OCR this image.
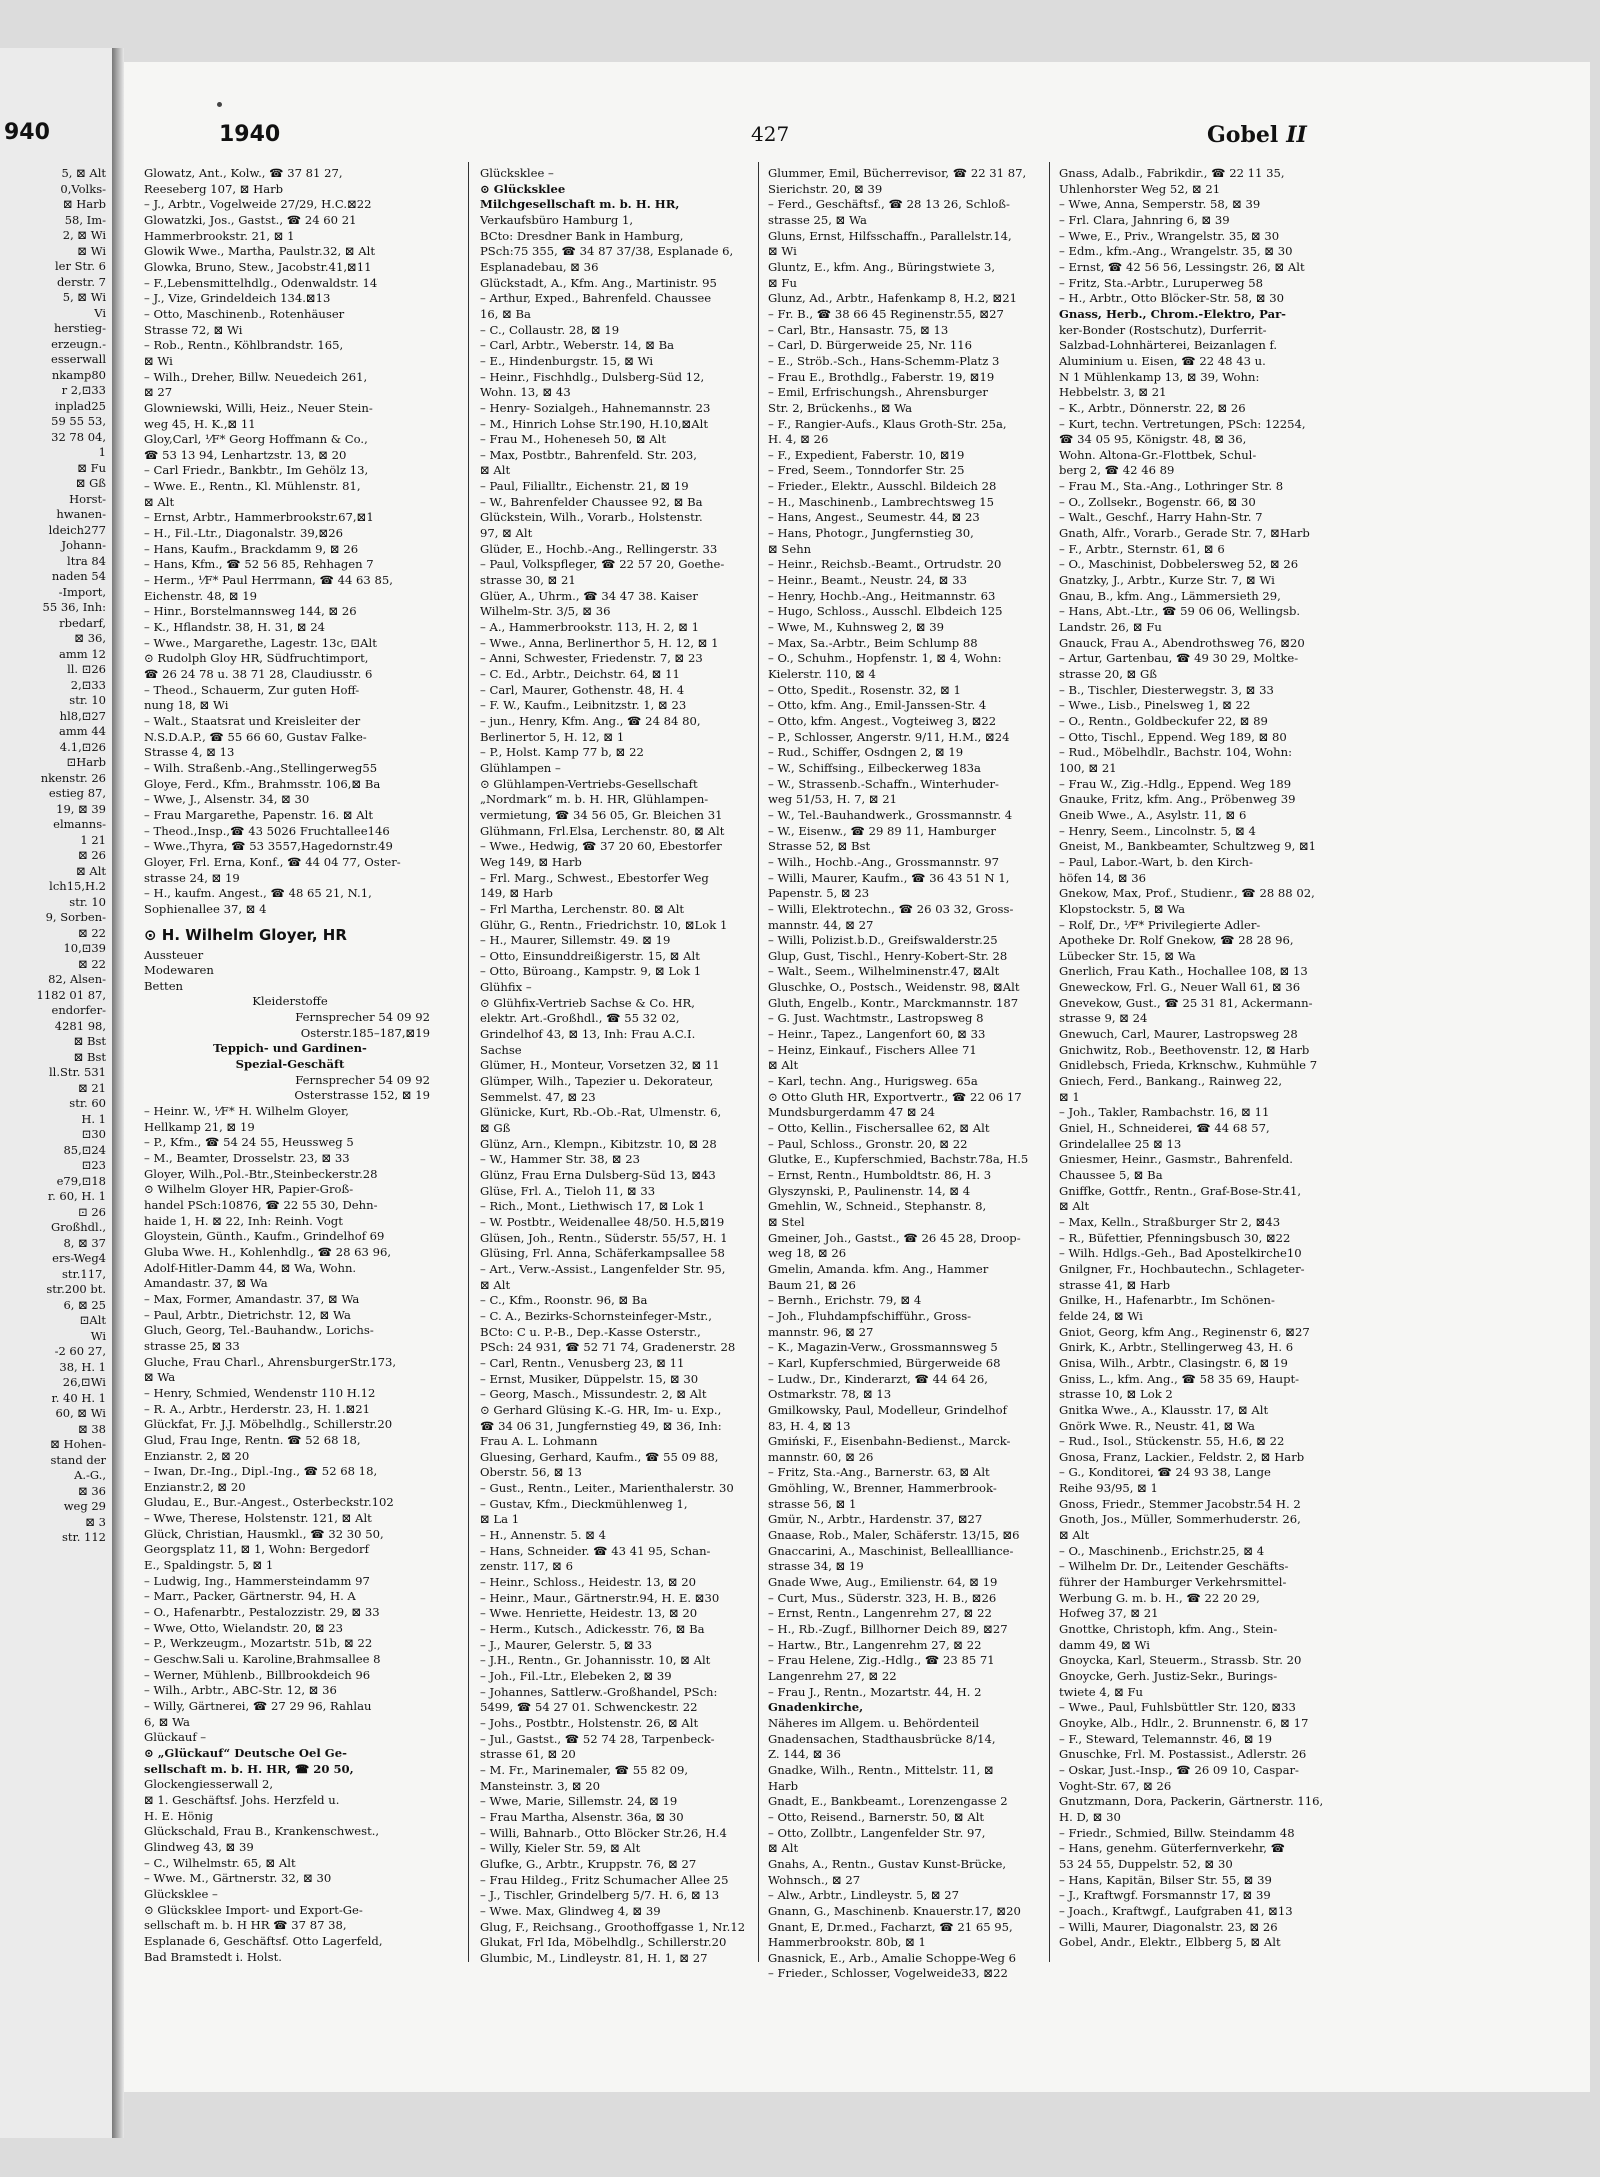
940
5, ⊠ Alt
0,Volks-
⊠ Harb
58, Im-
2, ⊠ Wi
⊠ Wi
ler Str. 6
derstr. 7
5, ⊠ Wi
Vi
herstieg-
erzeugn.-
esserwall
nkamp80
r 2,⊡33
inplad25
59 55 53,
32 78 04,
1
⊠ Fu
⊠ Gß
Horst-
hwanen-
ldeich277
Johann-
ltra 84
naden 54
-Import,
55 36, Inh:
rbedarf,
⊠ 36,
amm 12
ll. ⊡26
2,⊡33
str. 10
hl8,⊡27
amm 44
4.1,⊡26
⊡Harb
nkenstr. 26
estieg 87,
19, ⊠ 39
elmanns-
1 21
⊠ 26
⊠ Alt
lch15,H.2
str. 10
9, Sorben-
⊠ 22
10,⊡39
⊠ 22
82, Alsen-
1182 01 87,
endorfer-
4281 98,
⊠ Bst
⊠ Bst
ll.Str. 531
⊠ 21
str. 60
H. 1
⊡30
85,⊡24
⊡23
e79,⊡18
r. 60, H. 1
⊡ 26
Großhdl.,
8, ⊠ 37
ers-Weg4
str.117,
str.200 bt.
6, ⊠ 25
⊡Alt
Wi
-2 60 27,
38, H. 1
26,⊡Wi
r. 40 H. 1
60, ⊠ Wi
⊠ 38
⊠ Hohen-
stand der
A.-G.,
⊠ 36
weg 29
⊠ 3
str. 112
1940	427	Gobel II
Glowatz, Ant., Kolw., ☎ 37 81 27,
Reeseberg 107, ⊠ Harb
– J., Arbtr., Vogelweide 27/29, H.C.⊠22
Glowatzki, Jos., Gastst., ☎ 24 60 21
Hammerbrookstr. 21, ⊠ 1
Glowik Wwe., Martha, Paulstr.32, ⊠ Alt
Glowka, Bruno, Stew., Jacobstr.41,⊠11
– F.,Lebensmittelhdlg., Odenwaldstr. 14
– J., Vize, Grindeldeich 134.⊠13
– Otto, Maschinenb., Rotenhäuser
Strasse 72, ⊠ Wi
– Rob., Rentn., Köhlbrandstr. 165,
⊠ Wi
– Wilh., Dreher, Billw. Neuedeich 261,
⊠ 27
Glowniewski, Willi, Heiz., Neuer Stein-
weg 45, H. K.,⊠ 11
Gloy,Carl, ⅟F* Georg Hoffmann & Co.,
☎ 53 13 94, Lenhartzstr. 13, ⊠ 20
– Carl Friedr., Bankbtr., Im Gehölz 13,
– Wwe. E., Rentn., Kl. Mühlenstr. 81,
⊠ Alt
– Ernst, Arbtr., Hammerbrookstr.67,⊠1
– H., Fil.-Ltr., Diagonalstr. 39,⊠26
– Hans, Kaufm., Brackdamm 9, ⊠ 26
– Hans, Kfm., ☎ 52 56 85, Rehhagen 7
– Herm., ⅟F* Paul Herrmann, ☎ 44 63 85,
Eichenstr. 48, ⊠ 19
– Hinr., Borstelmannsweg 144, ⊠ 26
– K., Hflandstr. 38, H. 31, ⊠ 24
– Wwe., Margarethe, Lagestr. 13c, ⊡Alt
⊙ Rudolph Gloy HR, Südfruchtimport,
☎ 26 24 78 u. 38 71 28, Claudiusstr. 6
– Theod., Schauerm, Zur guten Hoff-
nung 18, ⊠ Wi
– Walt., Staatsrat und Kreisleiter der
N.S.D.A.P., ☎ 55 66 60, Gustav Falke-
Strasse 4, ⊠ 13
– Wilh. Straßenb.-Ang.,Stellingerweg55
Gloye, Ferd., Kfm., Brahmsstr. 106,⊠ Ba
– Wwe, J., Alsenstr. 34, ⊠ 30
– Frau Margarethe, Papenstr. 16. ⊠ Alt
– Theod.,Insp.,☎ 43 5026 Fruchtallee146
– Wwe.,Thyra, ☎ 53 3557,Hagedornstr.49
Gloyer, Frl. Erna, Konf., ☎ 44 04 77, Oster-
strasse 24, ⊠ 19
– H., kaufm. Angest., ☎ 48 65 21, N.1,
Sophienallee 37, ⊠ 4
⊙ H. Wilhelm Gloyer, HR
Aussteuer
Modewaren
Betten
Kleiderstoffe
Fernsprecher 54 09 92
Osterstr.185–187,⊠19
Teppich- und Gardinen-
Spezial-Geschäft
Fernsprecher 54 09 92
Osterstrasse 152, ⊠ 19
– Heinr. W., ⅟F* H. Wilhelm Gloyer,
Hellkamp 21, ⊠ 19
– P., Kfm., ☎ 54 24 55, Heussweg 5
– M., Beamter, Drosselstr. 23, ⊠ 33
Gloyer, Wilh.,Pol.-Btr.,Steinbeckerstr.28
⊙ Wilhelm Gloyer HR, Papier-Groß-
handel PSch:10876, ☎ 22 55 30, Dehn-
haide 1, H. ⊠ 22, Inh: Reinh. Vogt
Gloystein, Günth., Kaufm., Grindelhof 69
Gluba Wwe. H., Kohlenhdlg., ☎ 28 63 96,
Adolf-Hitler-Damm 44, ⊠ Wa, Wohn.
Amandastr. 37, ⊠ Wa
– Max, Former, Amandastr. 37, ⊠ Wa
– Paul, Arbtr., Dietrichstr. 12, ⊠ Wa
Gluch, Georg, Tel.-Bauhandw., Lorichs-
strasse 25, ⊠ 33
Gluche, Frau Charl., AhrensburgerStr.173,
⊠ Wa
– Henry, Schmied, Wendenstr 110 H.12
– R. A., Arbtr., Herderstr. 23, H. 1.⊠21
Glückfat, Fr. J.J. Möbelhdlg., Schillerstr.20
Glud, Frau Inge, Rentn. ☎ 52 68 18,
Enzianstr. 2, ⊠ 20
– Iwan, Dr.-Ing., Dipl.-Ing., ☎ 52 68 18,
Enzianstr.2, ⊠ 20
Gludau, E., Bur.-Angest., Osterbeckstr.102
– Wwe, Therese, Holstenstr. 121, ⊠ Alt
Glück, Christian, Hausmkl., ☎ 32 30 50,
Georgsplatz 11, ⊠ 1, Wohn: Bergedorf
E., Spaldingstr. 5, ⊠ 1
– Ludwig, Ing., Hammersteindamm 97
– Marr., Packer, Gärtnerstr. 94, H. A
– O., Hafenarbtr., Pestalozzistr. 29, ⊠ 33
– Wwe, Otto, Wielandstr. 20, ⊠ 23
– P., Werkzeugm., Mozartstr. 51b, ⊠ 22
– Geschw.Sali u. Karoline,Brahmsallee 8
– Werner, Mühlenb., Billbrookdeich 96
– Wilh., Arbtr., ABC-Str. 12, ⊠ 36
– Willy, Gärtnerei, ☎ 27 29 96, Rahlau
6, ⊠ Wa
Glückauf –
⊙ „Glückauf“ Deutsche Oel Ge-
sellschaft m. b. H. HR, ☎ 20 50,
Glockengiesserwall 2,
⊠ 1. Geschäftsf. Johs. Herzfeld u.
H. E. Hönig
Glückschald, Frau B., Krankenschwest.,
Glindweg 43, ⊠ 39
– C., Wilhelmstr. 65, ⊠ Alt
– Wwe. M., Gärtnerstr. 32, ⊠ 30
Glücksklee –
⊙ Glücksklee Import- und Export-Ge-
sellschaft m. b. H HR ☎ 37 87 38,
Esplanade 6, Geschäftsf. Otto Lagerfeld,
Bad Bramstedt i. Holst.
Glücksklee –
⊙ Glücksklee
Milchgesellschaft m. b. H. HR,
Verkaufsbüro Hamburg 1,
BCto: Dresdner Bank in Hamburg,
PSch:75 355, ☎ 34 87 37/38, Esplanade 6,
Esplanadebau, ⊠ 36
Glückstadt, A., Kfm. Ang., Martinistr. 95
– Arthur, Exped., Bahrenfeld. Chaussee
16, ⊠ Ba
– C., Collaustr. 28, ⊠ 19
– Carl, Arbtr., Weberstr. 14, ⊠ Ba
– E., Hindenburgstr. 15, ⊠ Wi
– Heinr., Fischhdlg., Dulsberg-Süd 12,
Wohn. 13, ⊠ 43
– Henry- Sozialgeh., Hahnemannstr. 23
– M., Hinrich Lohse Str.190, H.10,⊠Alt
– Frau M., Hoheneseh 50, ⊠ Alt
– Max, Postbtr., Bahrenfeld. Str. 203,
⊠ Alt
– Paul, Filialltr., Eichenstr. 21, ⊠ 19
– W., Bahrenfelder Chaussee 92, ⊠ Ba
Glückstein, Wilh., Vorarb., Holstenstr.
97, ⊠ Alt
Glüder, E., Hochb.-Ang., Rellingerstr. 33
– Paul, Volkspfleger, ☎ 22 57 20, Goethe-
strasse 30, ⊠ 21
Glüer, A., Uhrm., ☎ 34 47 38. Kaiser
Wilhelm-Str. 3/5, ⊠ 36
– A., Hammerbrookstr. 113, H. 2, ⊠ 1
– Wwe., Anna, Berlinerthor 5, H. 12, ⊠ 1
– Anni, Schwester, Friedenstr. 7, ⊠ 23
– C. Ed., Arbtr., Deichstr. 64, ⊠ 11
– Carl, Maurer, Gothenstr. 48, H. 4
– F. W., Kaufm., Leibnitzstr. 1, ⊠ 23
– jun., Henry, Kfm. Ang., ☎ 24 84 80,
Berlinertor 5, H. 12, ⊠ 1
– P., Holst. Kamp 77 b, ⊠ 22
Glühlampen –
⊙ Glühlampen-Vertriebs-Gesellschaft
„Nordmark“ m. b. H. HR, Glühlampen-
vermietung, ☎ 34 56 05, Gr. Bleichen 31
Glühmann, Frl.Elsa, Lerchenstr. 80, ⊠ Alt
– Wwe., Hedwig, ☎ 37 20 60, Ebestorfer
Weg 149, ⊠ Harb
– Frl. Marg., Schwest., Ebestorfer Weg
149, ⊠ Harb
– Frl Martha, Lerchenstr. 80. ⊠ Alt
Glühr, G., Rentn., Friedrichstr. 10, ⊠Lok 1
– H., Maurer, Sillemstr. 49. ⊠ 19
– Otto, Einsunddreißigerstr. 15, ⊠ Alt
– Otto, Büroang., Kampstr. 9, ⊠ Lok 1
Glühfix –
⊙ Glühfix-Vertrieb Sachse & Co. HR,
elektr. Art.-Großhdl., ☎ 55 32 02,
Grindelhof 43, ⊠ 13, Inh: Frau A.C.I.
Sachse
Glümer, H., Monteur, Vorsetzen 32, ⊠ 11
Glümper, Wilh., Tapezier u. Dekorateur,
Semmelst. 47, ⊠ 23
Glünicke, Kurt, Rb.-Ob.-Rat, Ulmenstr. 6,
⊠ Gß
Glünz, Arn., Klempn., Kibitzstr. 10, ⊠ 28
– W., Hammer Str. 38, ⊠ 23
Glünz, Frau Erna Dulsberg-Süd 13, ⊠43
Glüse, Frl. A., Tieloh 11, ⊠ 33
– Rich., Mont., Liethwisch 17, ⊠ Lok 1
– W. Postbtr., Weidenallee 48/50. H.5,⊠19
Glüsen, Joh., Rentn., Süderstr. 55/57, H. 1
Glüsing, Frl. Anna, Schäferkampsallee 58
– Art., Verw.-Assist., Langenfelder Str. 95,
⊠ Alt
– C., Kfm., Roonstr. 96, ⊠ Ba
– C. A., Bezirks-Schornsteinfeger-Mstr.,
BCto: C u. P.-B., Dep.-Kasse Osterstr.,
PSch: 24 931, ☎ 52 71 74, Gradenerstr. 28
– Carl, Rentn., Venusberg 23, ⊠ 11
– Ernst, Musiker, Düppelstr. 15, ⊠ 30
– Georg, Masch., Missundestr. 2, ⊠ Alt
⊙ Gerhard Glüsing K.-G. HR, Im- u. Exp.,
☎ 34 06 31, Jungfernstieg 49, ⊠ 36, Inh:
Frau A. L. Lohmann
Gluesing, Gerhard, Kaufm., ☎ 55 09 88,
Oberstr. 56, ⊠ 13
– Gust., Rentn., Leiter., Marienthalerstr. 30
– Gustav, Kfm., Dieckmühlenweg 1,
⊠ La 1
– H., Annenstr. 5. ⊠ 4
– Hans, Schneider. ☎ 43 41 95, Schan-
zenstr. 117, ⊠ 6
– Heinr., Schloss., Heidestr. 13, ⊠ 20
– Heinr., Maur., Gärtnerstr.94, H. E. ⊠30
– Wwe. Henriette, Heidestr. 13, ⊠ 20
– Herm., Kutsch., Adickesstr. 76, ⊠ Ba
– J., Maurer, Gelerstr. 5, ⊠ 33
– J.H., Rentn., Gr. Johannisstr. 10, ⊠ Alt
– Joh., Fil.-Ltr., Elebeken 2, ⊠ 39
– Johannes, Sattlerw.-Großhandel, PSch:
5499, ☎ 54 27 01. Schwenckestr. 22
– Johs., Postbtr., Holstenstr. 26, ⊠ Alt
– Jul., Gastst., ☎ 52 74 28, Tarpenbeck-
strasse 61, ⊠ 20
– M. Fr., Marinemaler, ☎ 55 82 09,
Mansteinstr. 3, ⊠ 20
– Wwe, Marie, Sillemstr. 24, ⊠ 19
– Frau Martha, Alsenstr. 36a, ⊠ 30
– Willi, Bahnarb., Otto Blöcker Str.26, H.4
– Willy, Kieler Str. 59, ⊠ Alt
Glufke, G., Arbtr., Kruppstr. 76, ⊠ 27
– Frau Hildeg., Fritz Schumacher Allee 25
– J., Tischler, Grindelberg 5/7. H. 6, ⊠ 13
– Wwe. Max, Glindweg 4, ⊠ 39
Glug, F., Reichsang., Groothoffgasse 1, Nr.12
Glukat, Frl Ida, Möbelhdlg., Schillerstr.20
Glumbic, M., Lindleystr. 81, H. 1, ⊠ 27
Glummer, Emil, Bücherrevisor, ☎ 22 31 87,
Sierichstr. 20, ⊠ 39
– Ferd., Geschäftsf., ☎ 28 13 26, Schloß-
strasse 25, ⊠ Wa
Gluns, Ernst, Hilfsschaffn., Parallelstr.14,
⊠ Wi
Gluntz, E., kfm. Ang., Büringstwiete 3,
⊠ Fu
Glunz, Ad., Arbtr., Hafenkamp 8, H.2, ⊠21
– Fr. B., ☎ 38 66 45 Reginenstr.55, ⊠27
– Carl, Btr., Hansastr. 75, ⊠ 13
– Carl, D. Bürgerweide 25, Nr. 116
– E., Ströb.-Sch., Hans-Schemm-Platz 3
– Frau E., Brothdlg., Faberstr. 19, ⊠19
– Emil, Erfrischungsh., Ahrensburger
Str. 2, Brückenhs., ⊠ Wa
– F., Rangier-Aufs., Klaus Groth-Str. 25a,
H. 4, ⊠ 26
– F., Expedient, Faberstr. 10, ⊠19
– Fred, Seem., Tonndorfer Str. 25
– Frieder., Elektr., Ausschl. Bildeich 28
– H., Maschinenb., Lambrechtsweg 15
– Hans, Angest., Seumestr. 44, ⊠ 23
– Hans, Photogr., Jungfernstieg 30,
⊠ Sehn
– Heinr., Reichsb.-Beamt., Ortrudstr. 20
– Heinr., Beamt., Neustr. 24, ⊠ 33
– Henry, Hochb.-Ang., Heitmannstr. 63
– Hugo, Schloss., Ausschl. Elbdeich 125
– Wwe, M., Kuhnsweg 2, ⊠ 39
– Max, Sa.-Arbtr., Beim Schlump 88
– O., Schuhm., Hopfenstr. 1, ⊠ 4, Wohn:
Kielerstr. 110, ⊠ 4
– Otto, Spedit., Rosenstr. 32, ⊠ 1
– Otto, kfm. Ang., Emil-Janssen-Str. 4
– Otto, kfm. Angest., Vogteiweg 3, ⊠22
– P., Schlosser, Angerstr. 9/11, H.M., ⊠24
– Rud., Schiffer, Osdngen 2, ⊠ 19
– W., Schiffsing., Eilbeckerweg 183a
– W., Strassenb.-Schaffn., Winterhuder-
weg 51/53, H. 7, ⊠ 21
– W., Tel.-Bauhandwerk., Grossmannstr. 4
– W., Eisenw., ☎ 29 89 11, Hamburger
Strasse 52, ⊠ Bst
– Wilh., Hochb.-Ang., Grossmannstr. 97
– Willi, Maurer, Kaufm., ☎ 36 43 51 N 1,
Papenstr. 5, ⊠ 23
– Willi, Elektrotechn., ☎ 26 03 32, Gross-
mannstr. 44, ⊠ 27
– Willi, Polizist.b.D., Greifswalderstr.25
Glup, Gust, Tischl., Henry-Kobert-Str. 28
– Walt., Seem., Wilhelminenstr.47, ⊠Alt
Gluschke, O., Postsch., Weidenstr. 98, ⊠Alt
Gluth, Engelb., Kontr., Marckmannstr. 187
– G. Just. Wachtmstr., Lastropsweg 8
– Heinr., Tapez., Langenfort 60, ⊠ 33
– Heinz, Einkauf., Fischers Allee 71
⊠ Alt
– Karl, techn. Ang., Hurigsweg. 65a
⊙ Otto Gluth HR, Exportvertr., ☎ 22 06 17
Mundsburgerdamm 47 ⊠ 24
– Otto, Kellin., Fischersallee 62, ⊠ Alt
– Paul, Schloss., Gronstr. 20, ⊠ 22
Glutke, E., Kupferschmied, Bachstr.78a, H.5
– Ernst, Rentn., Humboldtstr. 86, H. 3
Glyszynski, P., Paulinenstr. 14, ⊠ 4
Gmehlin, W., Schneid., Stephanstr. 8,
⊠ Stel
Gmeiner, Joh., Gastst., ☎ 26 45 28, Droop-
weg 18, ⊠ 26
Gmelin, Amanda. kfm. Ang., Hammer
Baum 21, ⊠ 26
– Bernh., Erichstr. 79, ⊠ 4
– Joh., Fluhdampfschifführ., Gross-
mannstr. 96, ⊠ 27
– K., Magazin-Verw., Grossmannsweg 5
– Karl, Kupferschmied, Bürgerweide 68
– Ludw., Dr., Kinderarzt, ☎ 44 64 26,
Ostmarkstr. 78, ⊠ 13
Gmilkowsky, Paul, Modelleur, Grindelhof
83, H. 4, ⊠ 13
Gmiński, F., Eisenbahn-Bedienst., Marck-
mannstr. 60, ⊠ 26
– Fritz, Sta.-Ang., Barnerstr. 63, ⊠ Alt
Gmöhling, W., Brenner, Hammerbrook-
strasse 56, ⊠ 1
Gmür, N., Arbtr., Hardenstr. 37, ⊠27
Gnaase, Rob., Maler, Schäferstr. 13/15, ⊠6
Gnaccarini, A., Maschinist, Belleallliance-
strasse 34, ⊠ 19
Gnade Wwe, Aug., Emilienstr. 64, ⊠ 19
– Curt, Mus., Süderstr. 323, H. B., ⊠26
– Ernst, Rentn., Langenrehm 27, ⊠ 22
– H., Rb.-Zugf., Billhorner Deich 89, ⊠27
– Hartw., Btr., Langenrehm 27, ⊠ 22
– Frau Helene, Zig.-Hdlg., ☎ 23 85 71
Langenrehm 27, ⊠ 22
– Frau J., Rentn., Mozartstr. 44, H. 2
Gnadenkirche,
Näheres im Allgem. u. Behördenteil
Gnadensachen, Stadthausbrücke 8/14,
Z. 144, ⊠ 36
Gnadke, Wilh., Rentn., Mittelstr. 11, ⊠
Harb
Gnadt, E., Bankbeamt., Lorenzengasse 2
– Otto, Reisend., Barnerstr. 50, ⊠ Alt
– Otto, Zollbtr., Langenfelder Str. 97,
⊠ Alt
Gnahs, A., Rentn., Gustav Kunst-Brücke,
Wohnsch., ⊠ 27
– Alw., Arbtr., Lindleystr. 5, ⊠ 27
Gnann, G., Maschinenb. Knauerstr.17, ⊠20
Gnant, E, Dr.med., Facharzt, ☎ 21 65 95,
Hammerbrookstr. 80b, ⊠ 1
Gnasnick, E., Arb., Amalie Schoppe-Weg 6
– Frieder., Schlosser, Vogelweide33, ⊠22
Gnass, Adalb., Fabrikdir., ☎ 22 11 35,
Uhlenhorster Weg 52, ⊠ 21
– Wwe, Anna, Semperstr. 58, ⊠ 39
– Frl. Clara, Jahnring 6, ⊠ 39
– Wwe, E., Priv., Wrangelstr. 35, ⊠ 30
– Edm., kfm.-Ang., Wrangelstr. 35, ⊠ 30
– Ernst, ☎ 42 56 56, Lessingstr. 26, ⊠ Alt
– Fritz, Sta.-Arbtr., Luruperweg 58
– H., Arbtr., Otto Blöcker-Str. 58, ⊠ 30
Gnass, Herb., Chrom.-Elektro, Par-
ker-Bonder (Rostschutz), Durferrit-
Salzbad-Lohnhärterei, Beizanlagen f.
Aluminium u. Eisen, ☎ 22 48 43 u.
N 1 Mühlenkamp 13, ⊠ 39, Wohn:
Hebbelstr. 3, ⊠ 21
– K., Arbtr., Dönnerstr. 22, ⊠ 26
– Kurt, techn. Vertretungen, PSch: 12254,
☎ 34 05 95, Königstr. 48, ⊠ 36,
Wohn. Altona-Gr.-Flottbek, Schul-
berg 2, ☎ 42 46 89
– Frau M., Sta.-Ang., Lothringer Str. 8
– O., Zollsekr., Bogenstr. 66, ⊠ 30
– Walt., Geschf., Harry Hahn-Str. 7
Gnath, Alfr., Vorarb., Gerade Str. 7, ⊠Harb
– F., Arbtr., Sternstr. 61, ⊠ 6
– O., Maschinist, Dobbelersweg 52, ⊠ 26
Gnatzky, J., Arbtr., Kurze Str. 7, ⊠ Wi
Gnau, B., kfm. Ang., Lämmersieth 29,
– Hans, Abt.-Ltr., ☎ 59 06 06, Wellingsb.
Landstr. 26, ⊠ Fu
Gnauck, Frau A., Abendrothsweg 76, ⊠20
– Artur, Gartenbau, ☎ 49 30 29, Moltke-
strasse 20, ⊠ Gß
– B., Tischler, Diesterwegstr. 3, ⊠ 33
– Wwe., Lisb., Pinelsweg 1, ⊠ 22
– O., Rentn., Goldbeckufer 22, ⊠ 89
– Otto, Tischl., Eppend. Weg 189, ⊠ 80
– Rud., Möbelhdlr., Bachstr. 104, Wohn:
100, ⊠ 21
– Frau W., Zig.-Hdlg., Eppend. Weg 189
Gnauke, Fritz, kfm. Ang., Pröbenweg 39
Gneib Wwe., A., Asylstr. 11, ⊠ 6
– Henry, Seem., Lincolnstr. 5, ⊠ 4
Gneist, M., Bankbeamter, Schultzweg 9, ⊠1
– Paul, Labor.-Wart, b. den Kirch-
höfen 14, ⊠ 36
Gnekow, Max, Prof., Studienr., ☎ 28 88 02,
Klopstockstr. 5, ⊠ Wa
– Rolf, Dr., ⅟F* Privilegierte Adler-
Apotheke Dr. Rolf Gnekow, ☎ 28 28 96,
Lübecker Str. 15, ⊠ Wa
Gnerlich, Frau Kath., Hochallee 108, ⊠ 13
Gneweckow, Frl. G., Neuer Wall 61, ⊠ 36
Gnevekow, Gust., ☎ 25 31 81, Ackermann-
strasse 9, ⊠ 24
Gnewuch, Carl, Maurer, Lastropsweg 28
Gnichwitz, Rob., Beethovenstr. 12, ⊠ Harb
Gnidlebsch, Frieda, Krknschw., Kuhmühle 7
Gniech, Ferd., Bankang., Rainweg 22,
⊠ 1
– Joh., Takler, Rambachstr. 16, ⊠ 11
Gniel, H., Schneiderei, ☎ 44 68 57,
Grindelallee 25 ⊠ 13
Gniesmer, Heinr., Gasmstr., Bahrenfeld.
Chaussee 5, ⊠ Ba
Gniffke, Gottfr., Rentn., Graf-Bose-Str.41,
⊠ Alt
– Max, Kelln., Straßburger Str 2, ⊠43
– R., Büfettier, Pfenningsbusch 30, ⊠22
– Wilh. Hdlgs.-Geh., Bad Apostelkirche10
Gnilgner, Fr., Hochbautechn., Schlageter-
strasse 41, ⊠ Harb
Gnilke, H., Hafenarbtr., Im Schönen-
felde 24, ⊠ Wi
Gniot, Georg, kfm Ang., Reginenstr 6, ⊠27
Gnirk, K., Arbtr., Stellingerweg 43, H. 6
Gnisa, Wilh., Arbtr., Clasingstr. 6, ⊠ 19
Gniss, L., kfm. Ang., ☎ 58 35 69, Haupt-
strasse 10, ⊠ Lok 2
Gnitka Wwe., A., Klausstr. 17, ⊠ Alt
Gnörk Wwe. R., Neustr. 41, ⊠ Wa
– Rud., Isol., Stückenstr. 55, H.6, ⊠ 22
Gnosa, Franz, Lackier., Feldstr. 2, ⊠ Harb
– G., Konditorei, ☎ 24 93 38, Lange
Reihe 93/95, ⊠ 1
Gnoss, Friedr., Stemmer Jacobstr.54 H. 2
Gnoth, Jos., Müller, Sommerhuderstr. 26,
⊠ Alt
– O., Maschinenb., Erichstr.25, ⊠ 4
– Wilhelm Dr. Dr., Leitender Geschäfts-
führer der Hamburger Verkehrsmittel-
Werbung G. m. b. H., ☎ 22 20 29,
Hofweg 37, ⊠ 21
Gnottke, Christoph, kfm. Ang., Stein-
damm 49, ⊠ Wi
Gnoycka, Karl, Steuerm., Strassb. Str. 20
Gnoycke, Gerh. Justiz-Sekr., Burings-
twiete 4, ⊠ Fu
– Wwe., Paul, Fuhlsbüttler Str. 120, ⊠33
Gnoyke, Alb., Hdlr., 2. Brunnenstr. 6, ⊠ 17
– F., Steward, Telemannstr. 46, ⊠ 19
Gnuschke, Frl. M. Postassist., Adlerstr. 26
– Oskar, Just.-Insp., ☎ 26 09 10, Caspar-
Voght-Str. 67, ⊠ 26
Gnutzmann, Dora, Packerin, Gärtnerstr. 116,
H. D, ⊠ 30
– Friedr., Schmied, Billw. Steindamm 48
– Hans, genehm. Güterfernverkehr, ☎
53 24 55, Duppelstr. 52, ⊠ 30
– Hans, Kapitän, Bilser Str. 55, ⊠ 39
– J., Kraftwgf. Forsmannstr 17, ⊠ 39
– Joach., Kraftwgf., Laufgraben 41, ⊠13
– Willi, Maurer, Diagonalstr. 23, ⊠ 26
Gobel, Andr., Elektr., Elbberg 5, ⊠ Alt
